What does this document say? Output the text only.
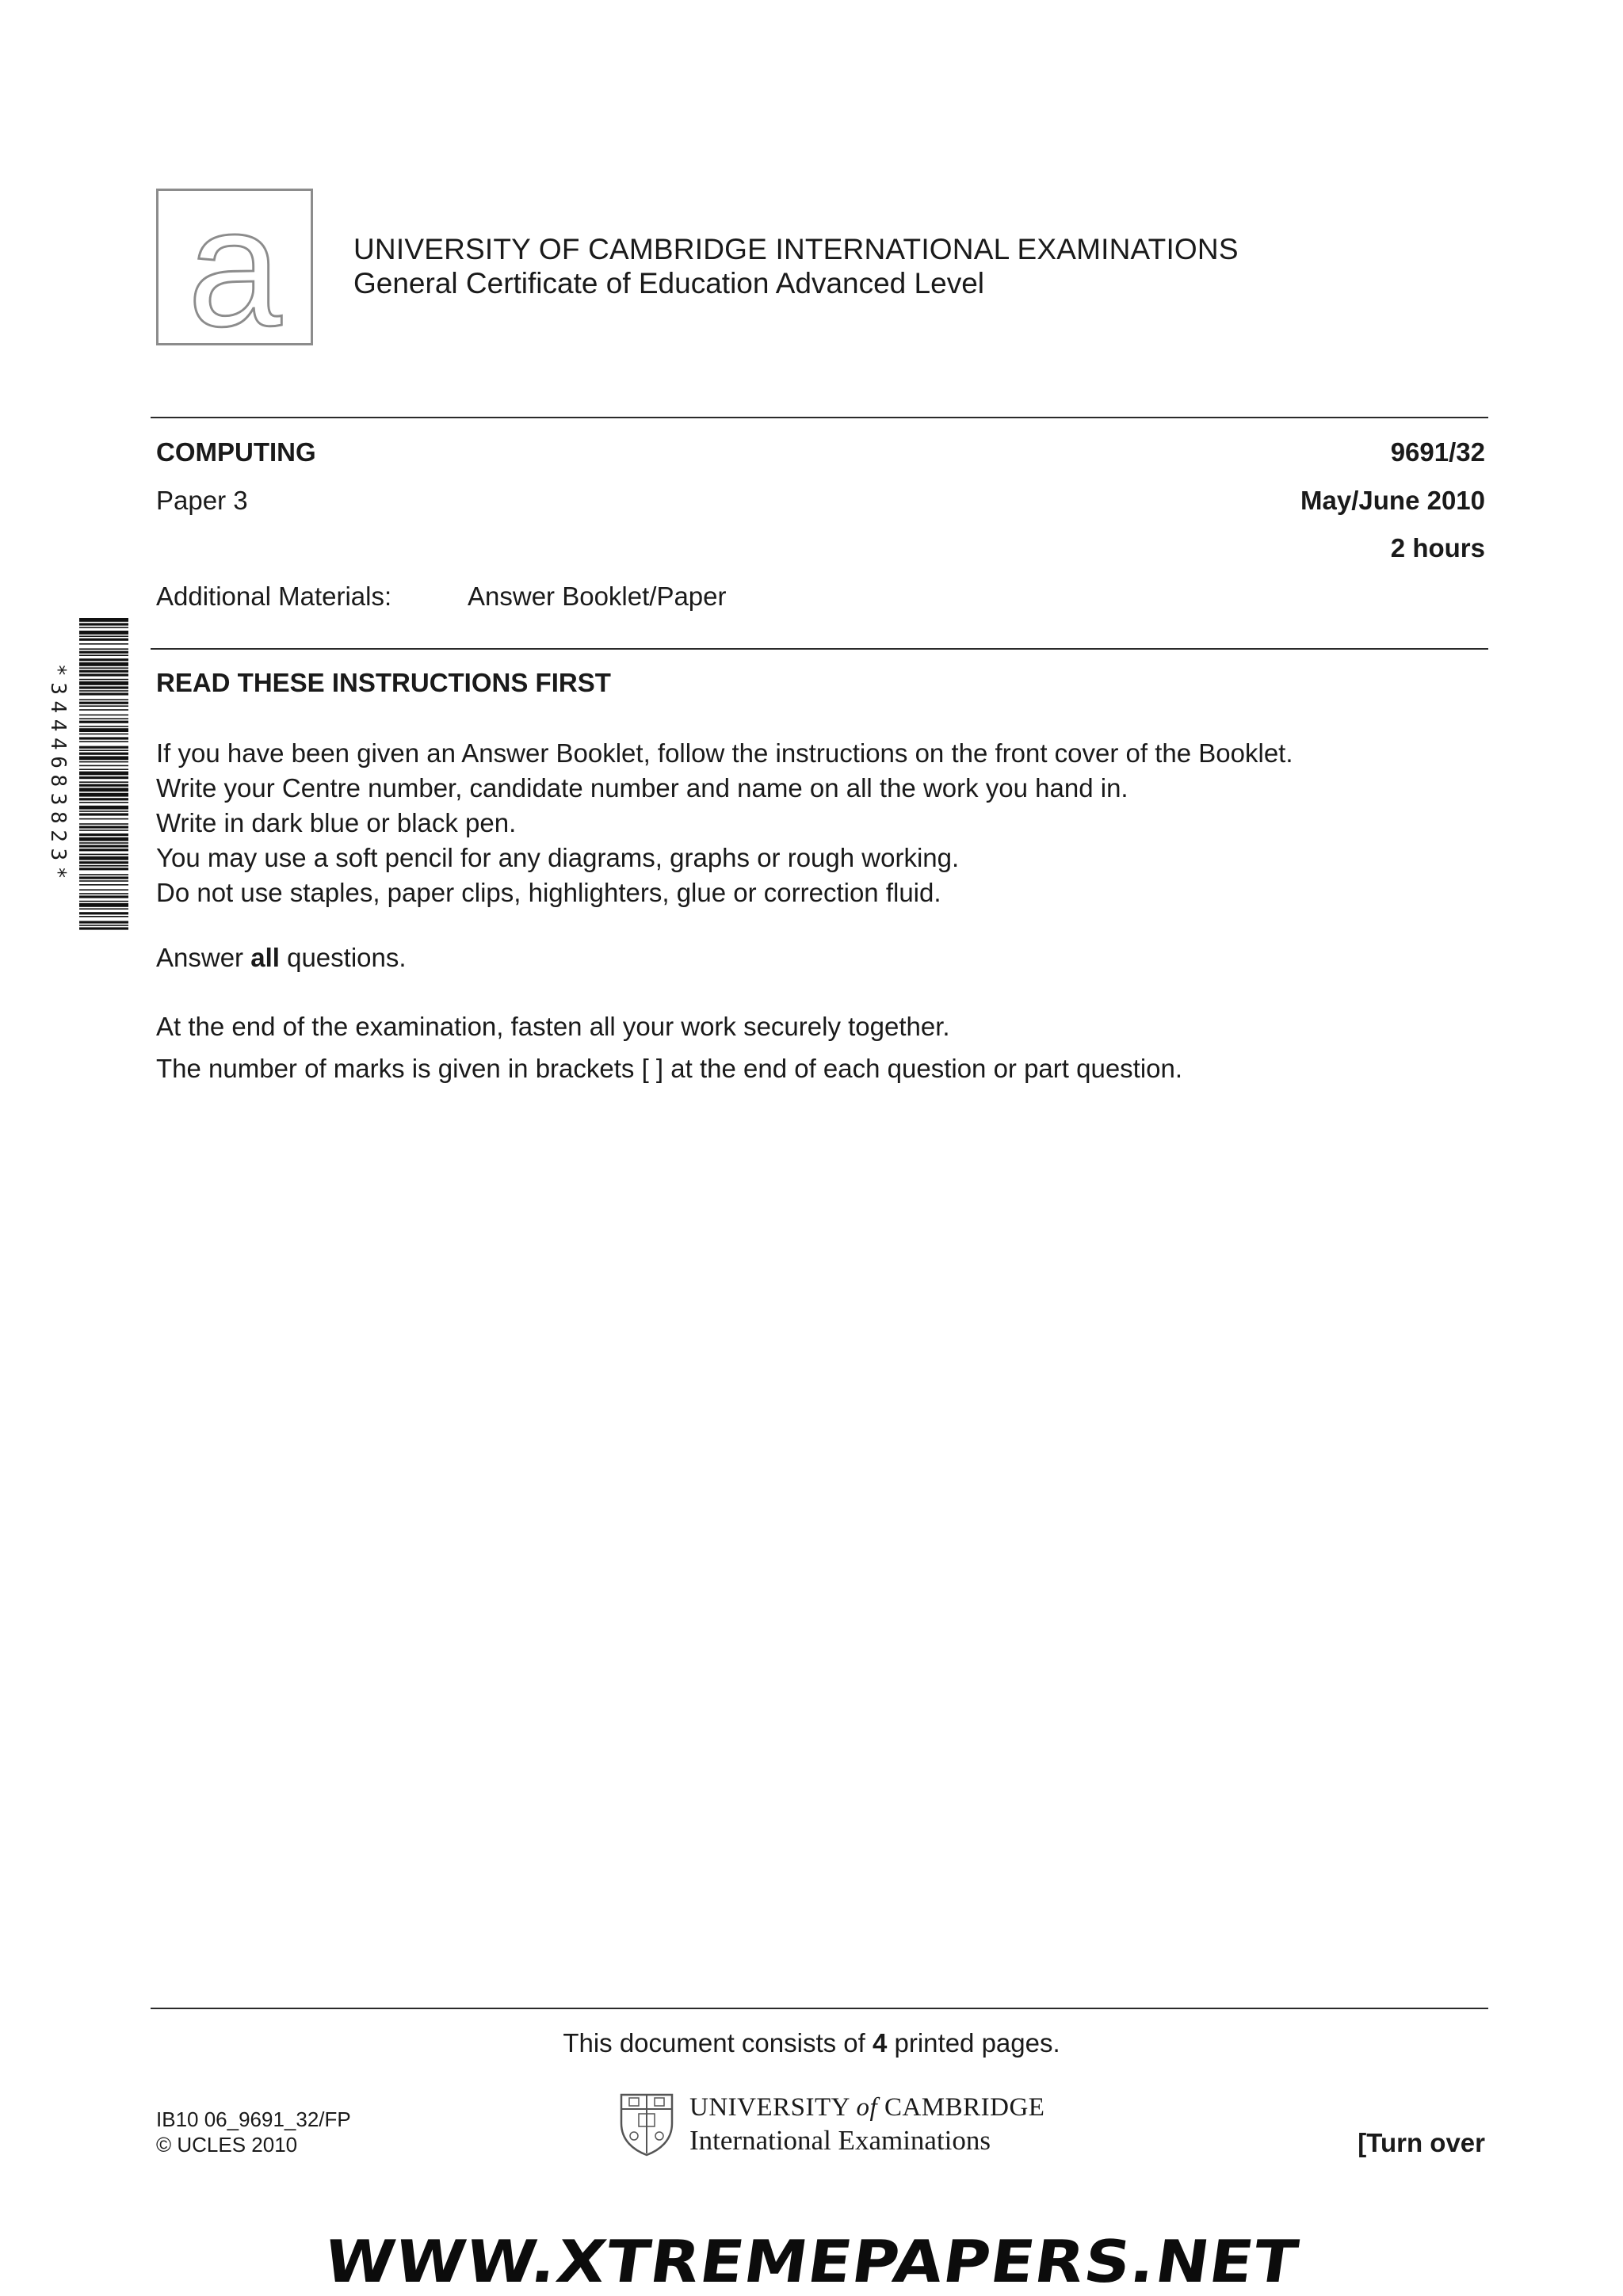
a UNIVERSITY OF CAMBRIDGE INTERNATIONAL EXAMINATIONS
General Certificate of Education Advanced Level
COMPUTING	9691/32
Paper 3	May/June 2010
2 hours
Additional Materials:	Answer Booklet/Paper
*3444683823*	READ THESE INSTRUCTIONS FIRST
If you have been given an Answer Booklet, follow the instructions on the front cover of the Booklet.
Write your Centre number, candidate number and name on all the work you hand in.
Write in dark blue or black pen.
You may use a soft pencil for any diagrams, graphs or rough working.
Do not use staples, paper clips, highlighters, glue or correction fluid.
Answer all questions.
At the end of the examination, fasten all your work securely together.
The number of marks is given in brackets [ ] at the end of each question or part question.
This document consists of 4 printed pages.
IB10 06_9691_32/FP
© UCLES 2010
UNIVERSITY of CAMBRIDGE
International Examinations	[Turn over
WWW.XTREMEPAPERS.NET
